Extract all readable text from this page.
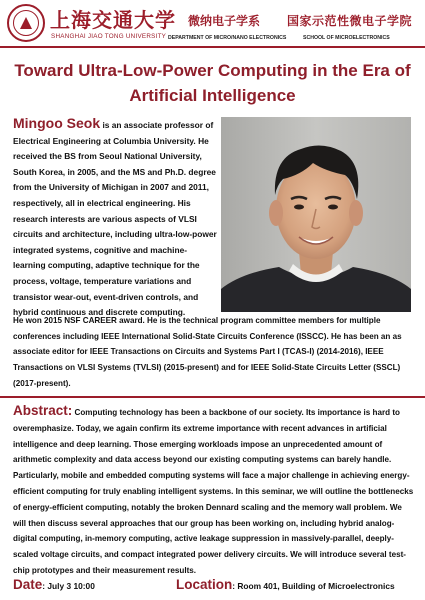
上海交通大学
SHANGHAI JIAO TONG UNIVERSITY
微纳电子学系
DEPARTMENT OF MICRO/NANO ELECTRONICS
国家示范性微电子学院
SCHOOL OF MICROELECTRONICS
Toward Ultra-Low-Power Computing in the Era of Artificial Intelligence
Mingoo Seok is an associate professor of Electrical Engineering at Columbia University. He received the BS from Seoul National University, South Korea, in 2005, and the MS and Ph.D. degree from the University of Michigan in 2007 and 2011, respectively, all in electrical engineering. His research interests are various aspects of VLSI circuits and architecture, including ultra-low-power integrated systems, cognitive and machine-learning computing, adaptive technique for the process, voltage, temperature variations and transistor wear-out, event-driven controls, and hybrid continuous and discrete computing.
He won 2015 NSF CAREER award. He is the technical program committee members for multiple conferences including IEEE International Solid-State Circuits Conference (ISSCC). He has been an as associate editor for IEEE Transactions on Circuits and Systems Part I (TCAS-I) (2014-2016), IEEE Transactions on VLSI Systems (TVLSI) (2015-present) and for IEEE Solid-State Circuits Letter (SSCL) (2017-present).
Abstract: Computing technology has been a backbone of our society. Its importance is hard to overemphasize. Today, we again confirm its extreme importance with recent advances in artificial intelligence and deep learning. Those emerging workloads impose an unprecedented amount of arithmetic complexity and data access beyond our existing computing systems can barely handle. Particularly, mobile and embedded computing systems will face a major challenge in achieving energy-efficient computing for truly enabling intelligent systems. In this seminar, we will outline the bottlenecks of energy-efficient computing, notably the broken Dennard scaling and the memory wall problem. We will then discuss several approaches that our group has been working on, including hybrid analog-digital computing, in-memory computing, active leakage suppression in massively-parallel, deeply-scaled voltage circuits, and compact integrated power delivery circuits. We will introduce several test-chip prototypes and their measurement results.
Date: July 3 10:00	Location: Room 401, Building of Microelectronics
